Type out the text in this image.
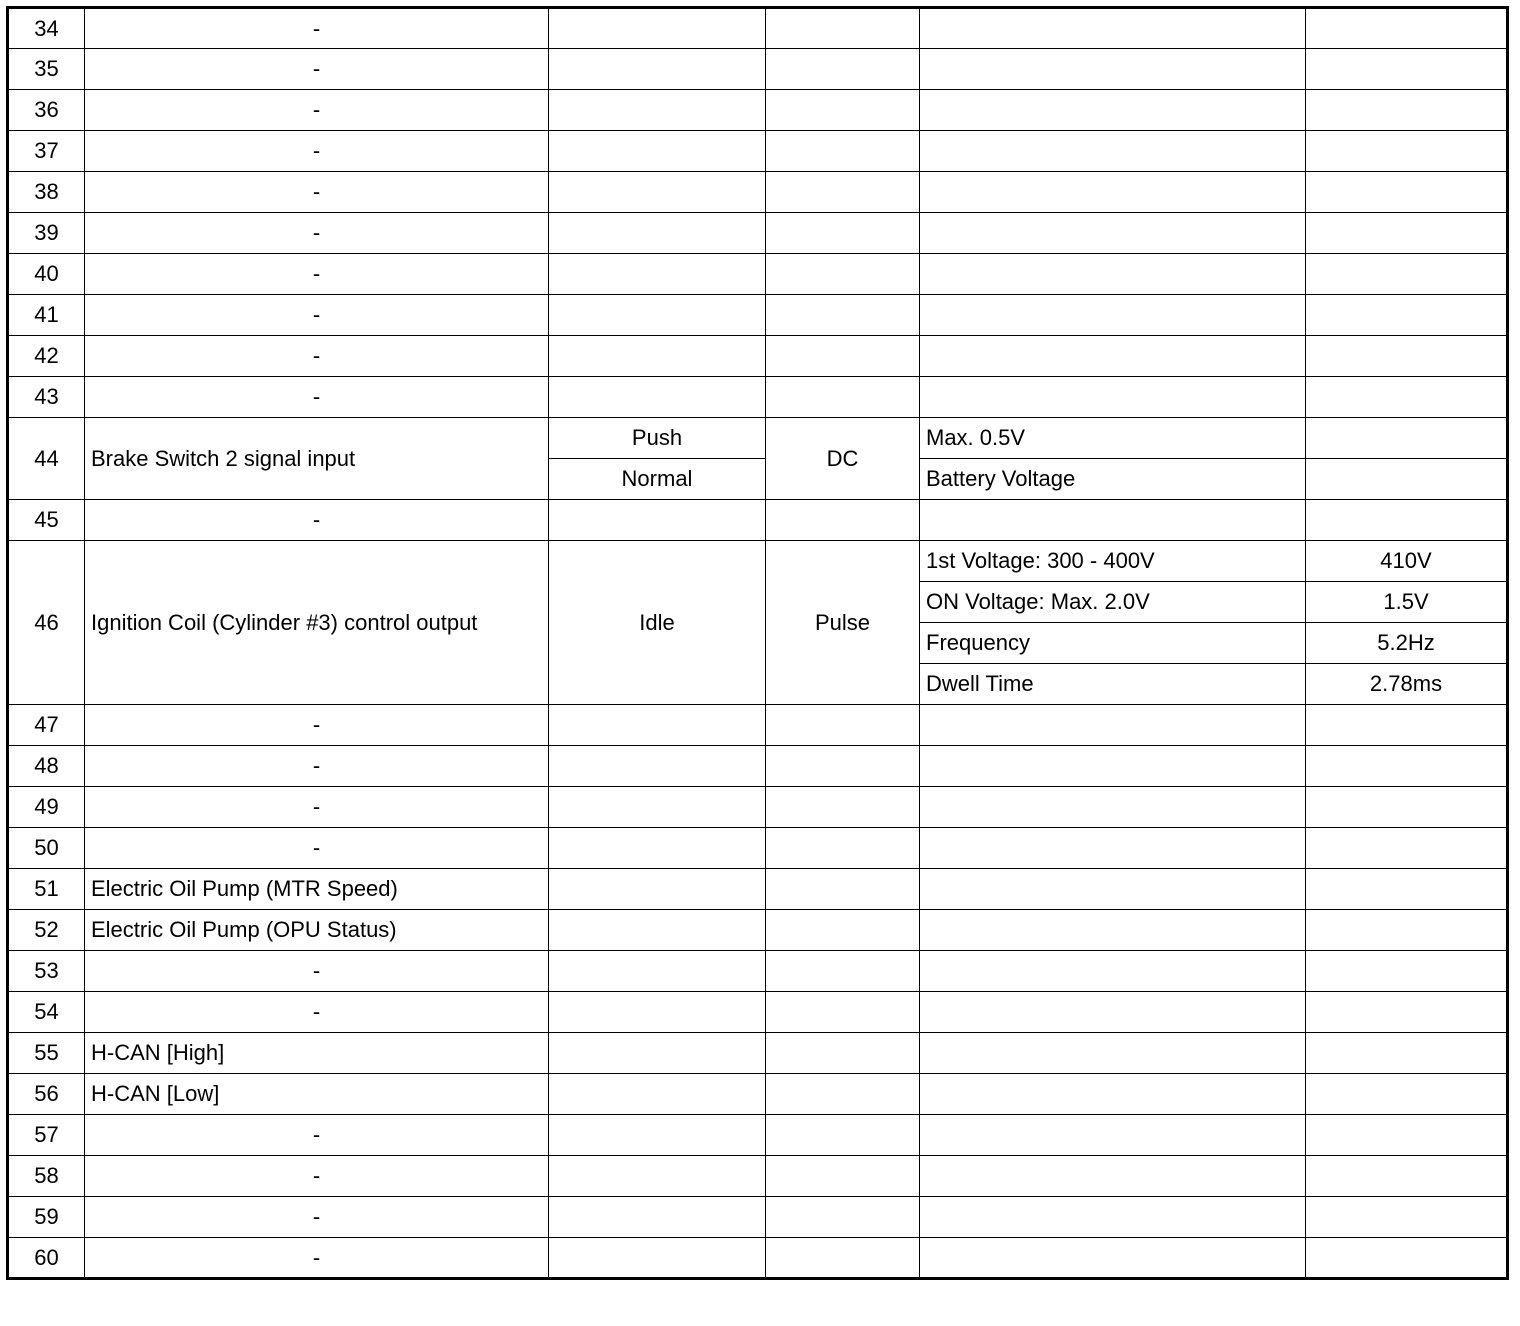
34	-				
35	-				
36	-				
37	-				
38	-				
39	-				
40	-				
41	-				
42	-				
43	-				
44	Brake Switch 2 signal input	Push	DC	Max. 0.5V	
		Normal		Battery Voltage	
45	-				
46	Ignition Coil (Cylinder #3) control output	Idle	Pulse	1st Voltage: 300 - 400V	410V
				ON Voltage: Max. 2.0V	1.5V
				Frequency	5.2Hz
				Dwell Time	2.78ms
47	-				
48	-				
49	-				
50	-				
51	Electric Oil Pump (MTR Speed)				
52	Electric Oil Pump (OPU Status)				
53	-				
54	-				
55	H-CAN [High]				
56	H-CAN [Low]				
57	-				
58	-				
59	-				
60	-				
